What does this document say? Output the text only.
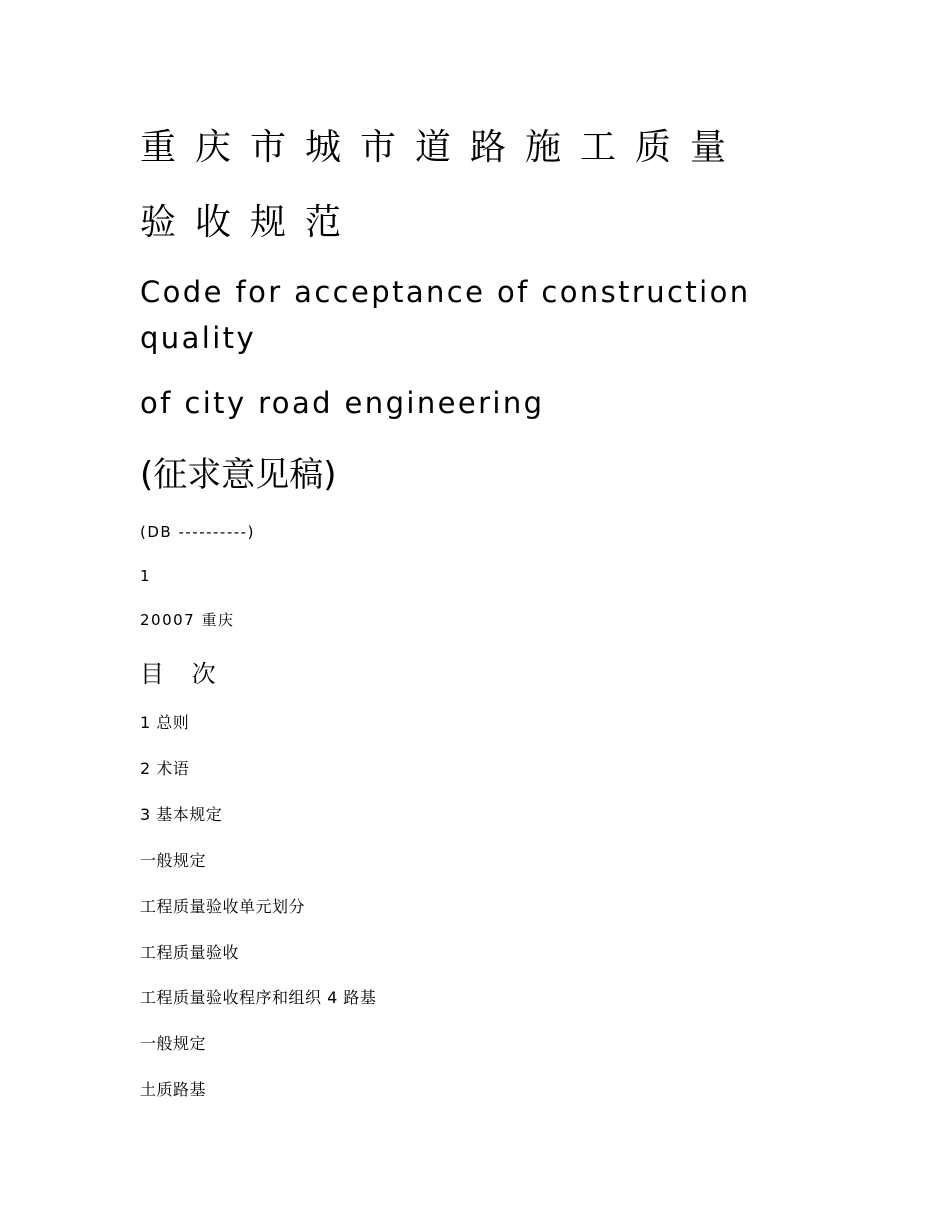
重庆市城市道路施工质量
验收规范
Code for acceptance of construction
quality
of city road engineering
(征求意见稿)
(DB ----------)
1
20007 重庆
目 次
1 总则
2 术语
3 基本规定
一般规定
工程质量验收单元划分
工程质量验收
工程质量验收程序和组织 4 路基
一般规定
土质路基
